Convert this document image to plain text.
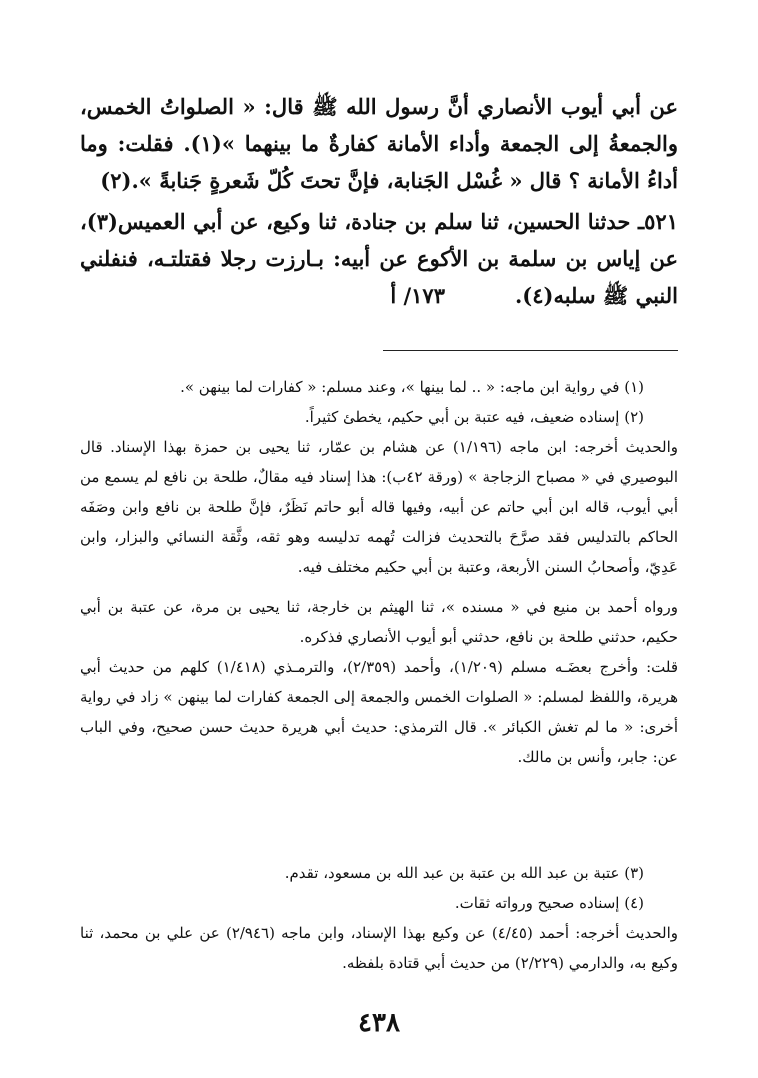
عن أبي أيوب الأنصاري أنَّ رسول الله ﷺ قال: « الصلواتُ الخمس، والجمعةُ إلى الجمعة وأداء الأمانة كفارةٌ ما بينهما »(١). فقلت: وما أداءُ الأمانة ؟ قال « غُسْل الجَنابة، فإنَّ تحتَ كُلّ شَعرةٍ جَنابةً ».(٢)

٥٢١ـ حدثنا الحسين، ثنا سلم بن جنادة، ثنا وكيع، عن أبي العميس(٣)، عن إياس بن سلمة بن الأكوع عن أبيه: بـارزت رجلا فقتلتـه، فنفلني النبي ﷺ سلبه(٤).١٧٣/ أ

(١) في رواية ابن ماجه: « .. لما بينها »، وعند مسلم: « كفارات لما بينهن ».

(٢) إسناده ضعيف، فيه عتبة بن أبي حكيم، يخطئ كثيراً.

والحديث أخرجه: ابن ماجه (١/١٩٦) عن هشام بن عمّار، ثنا يحيى بن حمزة بهذا الإسناد. قال البوصيري في « مصباح الزجاجة » (ورقة ٤٢ب): هذا إسناد فيه مقالٌ، طلحة بن نافع لم يسمع من أبي أيوب، قاله ابن أبي حاتم عن أبيه، وفيها قاله أبو حاتم نَظَرٌ، فإنَّ طلحة بن نافع وابن وصَفَه الحاكم بالتدليس فقد صرَّحَ بالتحديث فزالت تُهمه تدليسه وهو ثقه، وثَّقة النسائي والبزار، وابن عَدِيّ، وأصحابُ السنن الأربعة، وعتبة بن أبي حكيم مختلف فيه.

ورواه أحمد بن منيع في « مسنده »، ثنا الهيثم بن خارجة، ثنا يحيى بن مرة، عن عتبة بن أبي حكيم، حدثني طلحة بن نافع، حدثني أبو أيوب الأنصاري فذكره.

قلت: وأخرج بعضَـه مسلم (١/٢٠٩)، وأحمد (٢/٣٥٩)، والترمـذي (١/٤١٨) كلهم من حديث أبي هريرة، واللفظ لمسلم: « الصلوات الخمس والجمعة إلى الجمعة كفارات لما بينهن » زاد في رواية أخرى: « ما لم تغش الكبائر ». قال الترمذي: حديث أبي هريرة حديث حسن صحيح، وفي الباب عن: جابر، وأنس بن مالك.

(٣) عتبة بن عبد الله بن عتبة بن عبد الله بن مسعود، تقدم.

(٤) إسناده صحيح ورواته ثقات.

والحديث أخرجه: أحمد (٤/٤٥) عن وكيع بهذا الإسناد، وابن ماجه (٢/٩٤٦) عن علي بن محمد، ثنا وكيع به، والدارمي (٢/٢٢٩) من حديث أبي قتادة بلفظه.

٤٣٨
